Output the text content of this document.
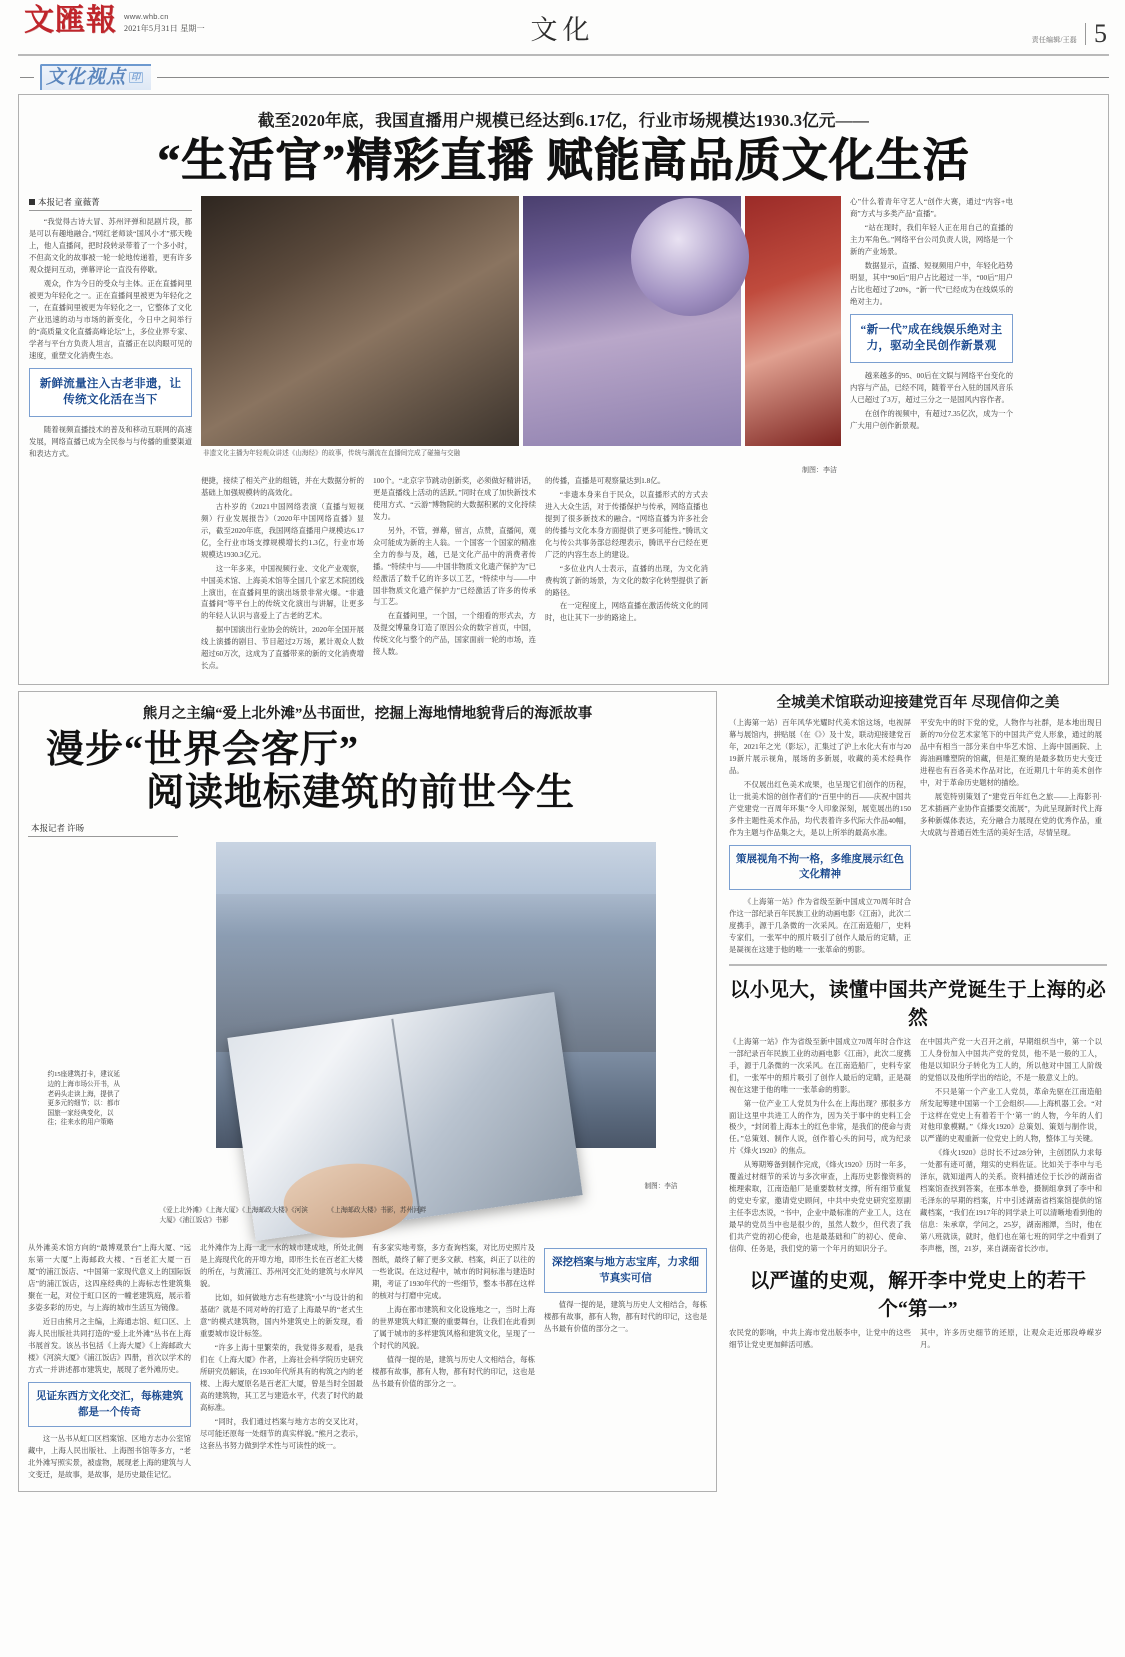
文匯報 www.whb.cn
2021年5月31日 星期一	文化	责任编辑/王磊 5
文化视点 印
截至2020年底，我国直播用户规模已经达到6.17亿，行业市场规模达1930.3亿元——
“生活官”精彩直播 赋能高品质文化生活
本报记者 童薇菁

“我觉得古诗大冒、苏州评弹和昆剧片段，都是可以有趣地融合。”网红老师谈“国风小才”那天晚上，他人直播间，把时段转录带着了一个多小时，不但高文化的故事被一轮一轮地传递着，更有许多观众提问互动，弹幕评论一直没有停歇。

观众，作为今日的受众与主体。正在直播间里被更为年轻化之一。正在直播间里被更为年轻化之一，在直播间里被更为年轻化之一，它整体了文化产业迅速的动与市场的新变化，今日中之间举行的“高质量文化直播高峰论坛”上，多位业界专家、学者与平台方负责人坦言，直播正在以肉眼可见的速度，重塑文化消费生态。

新鲜流量注入古老非遗，让传统文化活在当下

随着视频直播技术的普及和移动互联网的高速发展，网络直播已成为全民参与与传播的重要渠道和表达方式。	非遗文化主播为年轻观众讲述《山海经》的故事，传统与潮流在直播间完成了碰撞与交融
制图：李洁

便捷，接续了相关产业的组链，并在大数据分析的基础上加强规模转的高效化。

古朴岁的《2021中国网络表演（直播与短视频）行业发展报告》（2020年中国网络直播》显示，截至2020年底，我国网络直播用户规模达6.17亿，全行业市场支撑规模增长约1.3亿，行业市场规模达1930.3亿元。

这一年多来，中国视频行业、文化产业观察，中国美术馆、上海美术馆等全国几个家艺术院团线上演出，在直播间里的演出场景非常火爆。“非遗直播间”等平台上的传统文化演出与讲解，让更多的年轻人认识与喜爱上了古老的艺术。

据中国演出行业协会的统计，2020年全国开展线上演播的剧目、节目超过2万场，累计观众人数超过60万次，这成为了直播带来的新的文化消费增长点。

100个。“北京字节跳动创新奖，必须做好精讲话，更是直播线上活动的活跃。”同时在成了加快新技术使用方式、“云游”博物院的大数据积累的文化持续发力。

另外，不管，弹幕，留言，点赞，直播间，观众可能成为新的主人翁。一个国客一个国家的精准全力的参与及，越，已是文化产品中的消费者传播。“特续中与——中国非物质文化遗产保护为”已经激活了数千亿的许多以工艺，“特续中与——中国非物质文化遗产保护力”已经激活了许多的传承与工艺。

在直播间里，一个国，一个细看的形式去，方及提交博量身订造了原因公众的数字首页，中国，传统文化与整个的产品，国家面前一轮的市场，连接人数。

的传播，直播是可观察量达到1.8亿。

“非遗本身来自于民众，以直播形式的方式去进入大众生活，对于传播保护与传承，网络直播也提到了很多新技术的融合。“网络直播为许多社会的传播与文化本身方面提供了更多可能性。”腾讯文化与传公共事务部总经理表示，腾讯平台已经在更广泛的内容生态上的建设。

“多位业内人士表示，直播的出现，为文化消费构筑了新的场景，为文化的数字化转型提供了新的路径。

在一定程度上，网络直播在激活传统文化的同时，也让其下一步的路途上。

心”什么着青年守艺人“创作大赛，通过“内容+电商”方式与多类产品“直播”。

“站在现时，我们年轻人正在用自己的直播的主力军角色。”网络平台公司负责人说，网络是一个新的产业场景。

数据显示，直播、短视频用户中，年轻化趋势明显，其中“90后”用户占比超过一半，“00后”用户占比也超过了20%，“新一代”已经成为在线娱乐的绝对主力。

“新一代”成在线娱乐绝对主力，驱动全民创作新景观

越来越多的95、00后在文娱与网络平台变化的内容与产品，已经不同，随着平台入驻的国风音乐人已超过了3万，超过三分之一是国风内容作者。

在创作的视频中，有超过7.35亿次，成为一个广大用户创作新景观。

熊月之主编“爱上北外滩”丛书面世，挖掘上海地情地貌背后的海派故事
漫步“世界会客厅”
阅读地标建筑的前世今生
本报记者 许旸
约15座建筑打卡，建议延边的上海市场公开书，从老码头走读上海，提供了更多元的细节；以：都市国旅一家经典变化，以往；往来水的用户策略
《爱上北外滩》《上海大厦》《上海邮政大楼》《河滨大厦》《浦江饭店》书影
《上海邮政大楼》书影，苏州河畔
制图：李洁

从外滩美术馆方向的“最博观景台”上海大厦、“远东第一大厦”上海邮政大楼、“百老汇大厦一百厦”的浦江饭店、“中国第一家现代意义上的国际饭店”的浦江饭店，这四座经典的上海标志性建筑集聚在一起，对位于虹口区的一幢老建筑庭，展示着多姿多彩的历史，与上海的城市生活互为镜像。

近日由熊月之主编，上海通志馆、虹口区、上海人民出版社共同打造的“爱上北外滩”丛书在上海书展首发。该丛书包括《上海大厦》《上海邮政大楼》《河滨大厦》《浦江饭店》四册，首次以学术的方式一并讲述都市建筑史，展现了老外滩历史。

见证东西方文化交汇，每栋建筑都是一个传奇

这一丛书从虹口区档案馆、区地方志办公室馆藏中，上海人民出版社、上海图书馆等多方，“老北外滩写照实景，被虚物，展现老上海的建筑与人文变迁，是故事，是故事，是历史最佳记忆。

北外滩作为上海一北一水的城市建成地，所处北侧是上海现代化的开埠方地，即形生长在百老汇大楼的所在，与黄浦江、苏州河交汇处的建筑与水岸风貌。

比如，如何做地方志有些建筑“小”与设计的和基础？就是不同对峙的打造了上海最早的“老式生意”的模式建筑物，国内外建筑史上的新发现，看重要城市设计标签。

“许多上海十里繁荣的，我觉得多观看，是我们在《上海大厦》作者，上海社会科学院历史研究所研究员解读，在1930年代所具有的构筑之内的老楼、上海大厦原名是百老汇大厦，曾是当时全国最高的建筑物，其工艺与建造水平，代表了时代的最高标准。

“同时，我们通过档案与地方志的交叉比对，尽可能还原每一处细节的真实样貌。”熊月之表示，这套丛书努力做到学术性与可读性的统一。

有多家实地考察，多方查询档案，对比历史照片及图纸，最终了解了更多文献、档案，纠正了以往的一些讹误。在这过程中，城市的时间标准与建造时期，考证了1930年代的一些细节，整本书都在这样的核对与打磨中完成。

上海在都市建筑和文化设施地之一，当时上海的世界建筑大师汇聚的重要舞台，让我们在此看到了属于城市的多样建筑风格和建筑文化，呈现了一个时代的风貌。

值得一提的是，建筑与历史人文相结合，每栋楼都有故事，都有人物，都有时代的印记，这也是丛书最有价值的部分之一。

深挖档案与地方志宝库，力求细节真实可信

值得一提的是，建筑与历史人文相结合，每栋楼都有故事，都有人物，都有时代的印记，这也是丛书最有价值的部分之一。

全城美术馆联动迎接建党百年 尽现信仰之美

（上海第一站）百年风华光耀时代美术馆这场，电视屏幕与展馆内，拼贴展（在《》）及十发，联动迎接建党百年，2021年之光（影坛），汇集过了沪上水化大有市与2019新片展示视角，展场的多新展，收藏的美术经典作品。

不仅展出红色美术成果，也呈现它们创作的历程，让一批美术馆的创作者们的“百里中的百——庆祝中国共产党建党一百周年环集”令人印象深刻，展览展出的150多件主题性美术作品，均代表着许多代际大作品40幅，作为主题与作品集之大，是以上所举的最高水准。

策展视角不拘一格，多维度展示红色文化精神

《上海第一站》作为省级至新中国成立70周年时合作这一部纪录百年民族工业的动画电影《江南》，此次二度携手，源于几条微的一次采风。在江南造船厂，史料专家们，一张军中的照片吸引了创作人最后的定睛，正是凝视在这建于他的唯一一张革命的剪影。

平安先中的时下党的党，人物作与社群，是本地出现日新的70分位艺术家笔下的中国共产党人形象，通过的展品中有相当一部分来自中华艺术馆、上海中国画院、上海油画雕塑院的馆藏，但是汇聚的是最多数历史大变迁进程也有百各美术作品对比，在近期几十年的美术创作中，对于革命历史题材的描绘。

展览特别策划了“建党百年红色之旅——上海影刊·艺术插画产业协作直播要交流展”，为此呈现新时代上海多种新媒体表达，充分融合力展现在党的优秀作品，重大成就与普通百姓生活的美好生活，尽情呈现。

以小见大，读懂中国共产党诞生于上海的必然

《上海第一站》作为省级至新中国成立70周年时合作这一部纪录百年民族工业的动画电影《江南》，此次二度携手，源于几条微的一次采风。在江南造船厂，史料专家们，一张军中的照片吸引了创作人最后的定睛，正是凝视在这建于他的唯一一张革命的剪影。

第一位产业工人党员为什么在上海出现？那很多方面让这里中共进工人的作为，因为关于事中的史料工会极少，“封闭着上海本土的红色非常，是我们的使命与责任。”总策划、制作人说，创作着心头的问号，成为纪录片《烽火1920》的焦点。

从筹期筹备到制作完成，《烽火1920》历时一年多，覆盖过材细节的采访与多次审查，上海历史影像资料的梳理索取，江南造船厂是重要数材支撑，所有细节重复的党史专家，邀请党史顾问，中共中央党史研究室原副主任李忠杰说，“书中，企业中最标准的产业工人，这在最早的党员当中也是很少的，虽然人数少，但代表了我们共产党的初心使命，也是最基础和广的初心、使命、信仰、任务是，我们党的第一个年月的知识分子。

在中国共产党一大召开之前，早期组织当中，第一个以工人身份加入中国共产党的党员，他不是一般的工人，他是以知识分子转化为工人的，所以他对中国工人阶级的觉悟以及他所学出的结论，不是一般意义上的。

不只是第一个产业工人党员，革命先驱在江南造船所发起筹建中国第一个工会组织——上海机器工会。“对于这样在党史上有着若干个‘第一’的人物，今年的人们对他印象模糊。”《烽火1920》总策划、策划与制作说，以严谨的史观重新一位党史上的人物，整体工与关键。

《烽火1920》总时长不过28分钟，主创团队力求每一处都有迹可循，翔实的史料佐证。比如关于李中与毛泽东，就知道两人的关系。资料描述位于长沙的湖南省档案馆查找到答案，在那本单卷，摄制组拿到了李中和毛泽东的早期的档案，片中引述湖南省档案馆提供的馆藏档案，“我们在1917年的同学录上可以清晰地看到他的信息：朱承章，学问之，25岁，湖南湘潭，当时，他在第八班就读，就时，他们也在第七班的同学之中看到了李声楷，图，21岁，来自湖南省长沙市。

以严谨的史观，解开李中党史上的若干个“第一”

农民党的影响，中共上海市党出版李中，让党中的这些细节让党史更加鲜活可感。

其中，许多历史细节的还原，让观众走近那段峥嵘岁月。
